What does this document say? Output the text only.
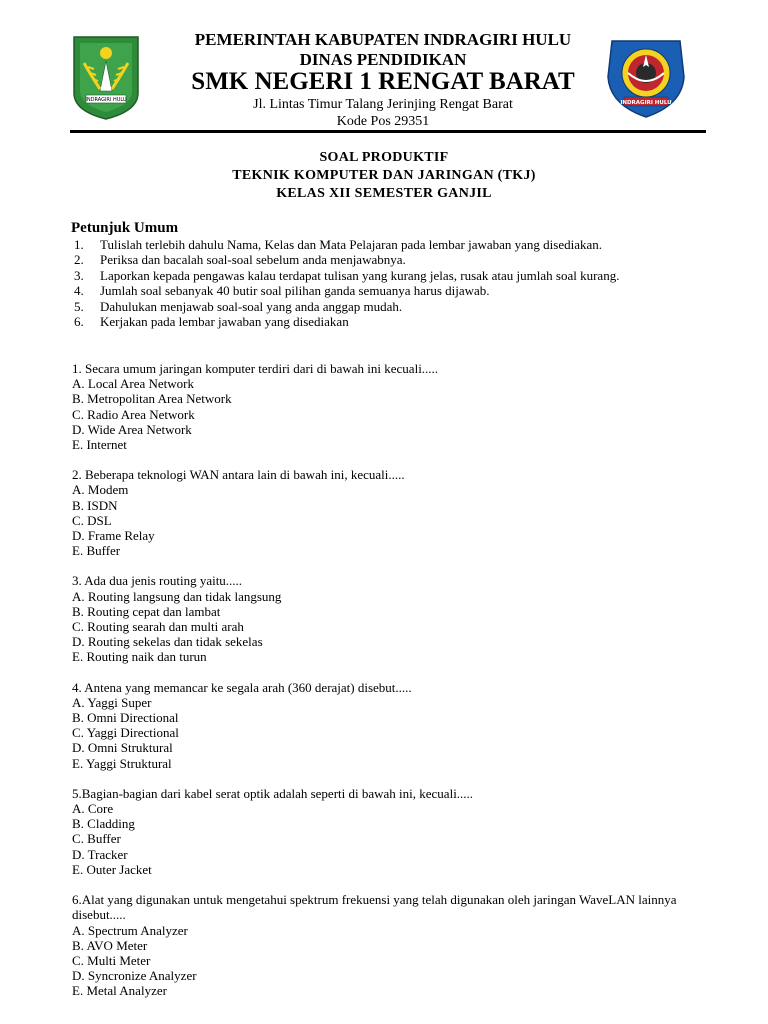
INDRAGIRI HULU
PEMERINTAH KABUPATEN INDRAGIRI HULU
DINAS PENDIDIKAN
SMK NEGERI 1 RENGAT BARAT
Jl. Lintas Timur Talang Jerinjing Rengat Barat
Kode Pos 29351
INDRAGIRI HULU
SOAL PRODUKTIF
TEKNIK KOMPUTER DAN JARINGAN (TKJ)
KELAS XII SEMESTER GANJIL
Petunjuk Umum
1. Tulislah terlebih dahulu Nama, Kelas dan Mata Pelajaran pada lembar jawaban yang disediakan.
2. Periksa dan bacalah soal-soal sebelum anda menjawabnya.
3. Laporkan kepada pengawas kalau terdapat tulisan yang kurang jelas, rusak atau jumlah soal kurang.
4. Jumlah soal sebanyak 40 butir soal pilihan ganda semuanya harus dijawab.
5. Dahulukan menjawab soal-soal yang anda anggap mudah.
6. Kerjakan pada lembar jawaban yang disediakan
1. Secara umum jaringan komputer terdiri dari di bawah ini kecuali.....
A. Local Area Network
B. Metropolitan Area Network
C. Radio Area Network
D. Wide Area Network
E. Internet
2. Beberapa teknologi WAN antara lain di bawah ini, kecuali.....
A. Modem
B. ISDN
C. DSL
D. Frame Relay
E. Buffer
3. Ada dua jenis routing yaitu.....
A. Routing langsung dan tidak langsung
B. Routing cepat dan lambat
C. Routing searah dan multi arah
D. Routing sekelas dan tidak sekelas
E. Routing naik dan turun
4. Antena yang memancar ke segala arah (360 derajat) disebut.....
A. Yaggi Super
B. Omni Directional
C. Yaggi Directional
D. Omni Struktural
E. Yaggi Struktural
5.Bagian-bagian dari kabel serat optik adalah seperti di bawah ini, kecuali.....
A. Core
B. Cladding
C. Buffer
D. Tracker
E. Outer Jacket
6.Alat yang digunakan untuk mengetahui spektrum frekuensi yang telah digunakan oleh jaringan WaveLAN lainnya disebut.....
A. Spectrum Analyzer
B. AVO Meter
C. Multi Meter
D. Syncronize Analyzer
E. Metal Analyzer
